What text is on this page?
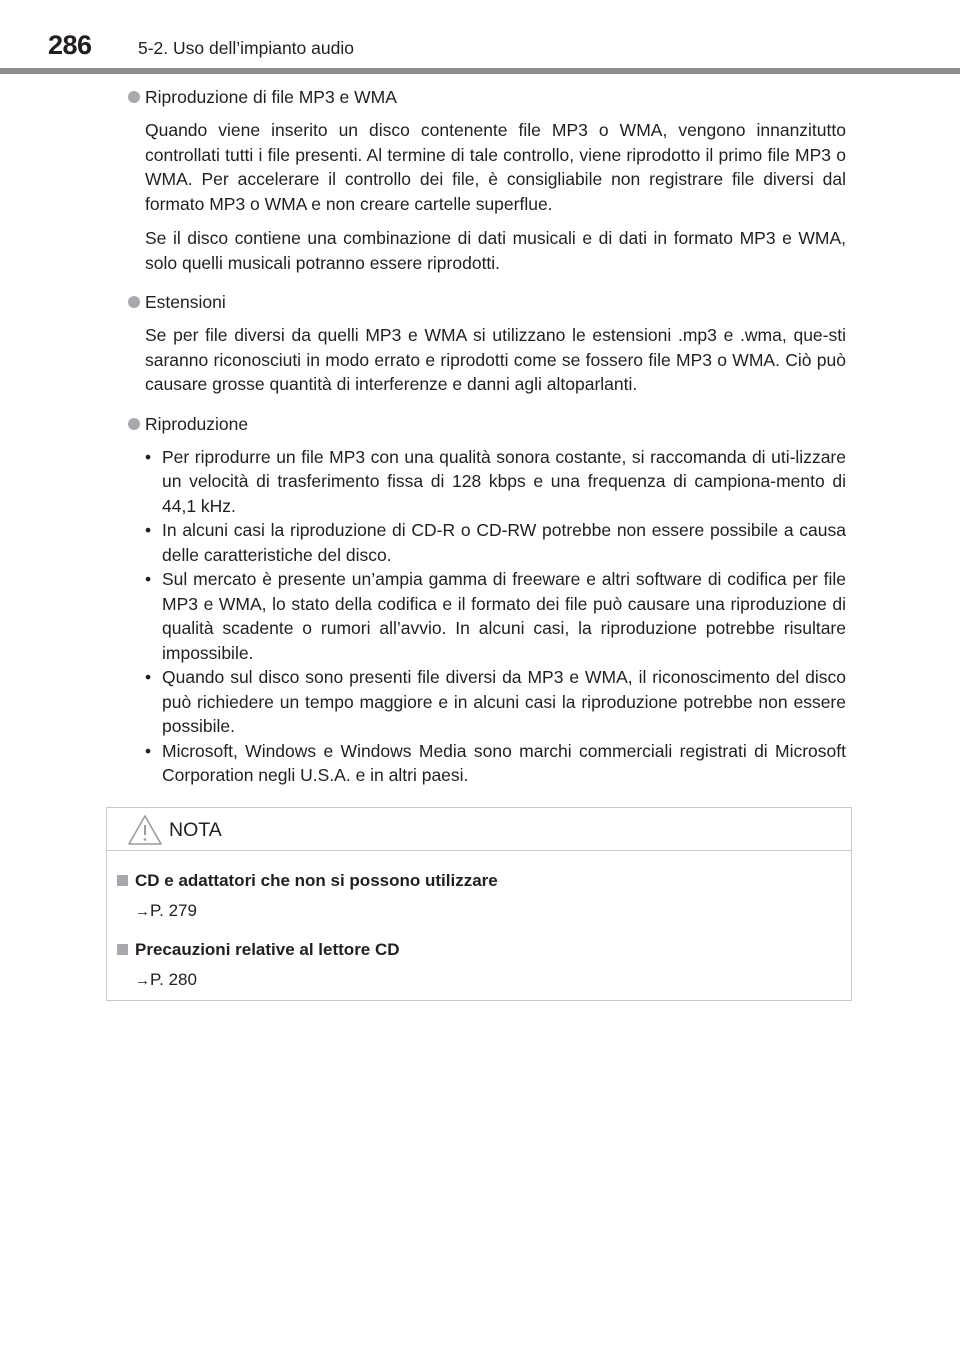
286	5-2. Uso dell’impianto audio

Riproduzione di file MP3 e WMA

Quando viene inserito un disco contenente file MP3 o WMA, vengono innanzitutto controllati tutti i file presenti. Al termine di tale controllo, viene riprodotto il primo file MP3 o WMA. Per accelerare il controllo dei file, è consigliabile non registrare file diversi dal formato MP3 o WMA e non creare cartelle superflue.

Se il disco contiene una combinazione di dati musicali e di dati in formato MP3 e WMA, solo quelli musicali potranno essere riprodotti.

Estensioni

Se per file diversi da quelli MP3 e WMA si utilizzano le estensioni .mp3 e .wma, que-sti saranno riconosciuti in modo errato e riprodotti come se fossero file MP3 o WMA. Ciò può causare grosse quantità di interferenze e danni agli altoparlanti.

Riproduzione

• Per riprodurre un file MP3 con una qualità sonora costante, si raccomanda di uti-lizzare un velocità di trasferimento fissa di 128 kbps e una frequenza di campiona-mento di 44,1 kHz.
• In alcuni casi la riproduzione di CD-R o CD-RW potrebbe non essere possibile a causa delle caratteristiche del disco.
• Sul mercato è presente un’ampia gamma di freeware e altri software di codifica per file MP3 e WMA, lo stato della codifica e il formato dei file può causare una riproduzione di qualità scadente o rumori all’avvio. In alcuni casi, la riproduzione potrebbe risultare impossibile.
• Quando sul disco sono presenti file diversi da MP3 e WMA, il riconoscimento del disco può richiedere un tempo maggiore e in alcuni casi la riproduzione potrebbe non essere possibile.
• Microsoft, Windows e Windows Media sono marchi commerciali registrati di Microsoft Corporation negli U.S.A. e in altri paesi.
NOTA
CD e adattatori che non si possono utilizzare
→P. 279
Precauzioni relative al lettore CD
→P. 280
